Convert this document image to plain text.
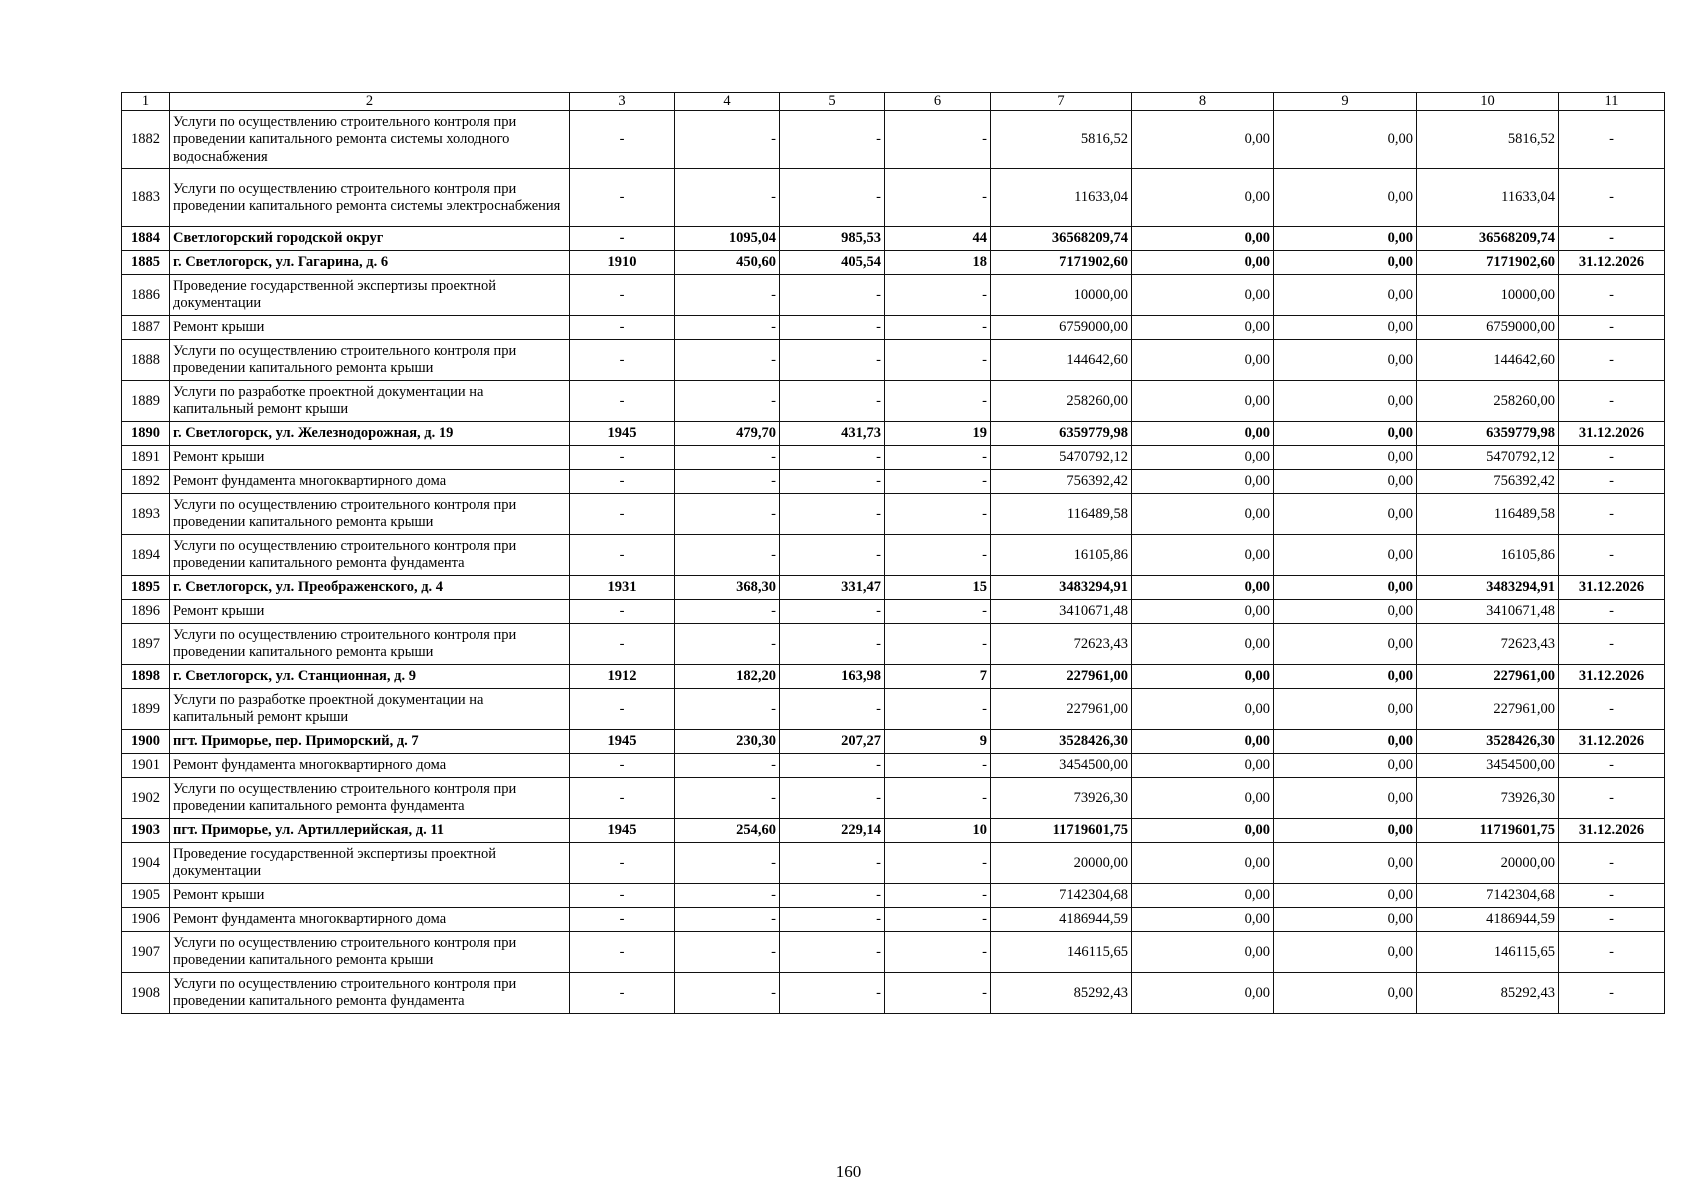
1	2	3	4	5	6	7	8	9	10	11
1882	Услуги по осуществлению строительного контроля при проведении капитального ремонта системы холодного водоснабжения	-	-	-	-	5816,52	0,00	0,00	5816,52	-
1883	Услуги по осуществлению строительного контроля при проведении капитального ремонта системы электроснабжения	-	-	-	-	11633,04	0,00	0,00	11633,04	-
1884	Светлогорский городской округ	-	1095,04	985,53	44	36568209,74	0,00	0,00	36568209,74	-
1885	г. Светлогорск, ул. Гагарина, д. 6	1910	450,60	405,54	18	7171902,60	0,00	0,00	7171902,60	31.12.2026
1886	Проведение государственной экспертизы проектной документации	-	-	-	-	10000,00	0,00	0,00	10000,00	-
1887	Ремонт крыши	-	-	-	-	6759000,00	0,00	0,00	6759000,00	-
1888	Услуги по осуществлению строительного контроля при проведении капитального ремонта крыши	-	-	-	-	144642,60	0,00	0,00	144642,60	-
1889	Услуги по разработке проектной документации на капитальный ремонт крыши	-	-	-	-	258260,00	0,00	0,00	258260,00	-
1890	г. Светлогорск, ул. Железнодорожная, д. 19	1945	479,70	431,73	19	6359779,98	0,00	0,00	6359779,98	31.12.2026
1891	Ремонт крыши	-	-	-	-	5470792,12	0,00	0,00	5470792,12	-
1892	Ремонт фундамента многоквартирного дома	-	-	-	-	756392,42	0,00	0,00	756392,42	-
1893	Услуги по осуществлению строительного контроля при проведении капитального ремонта крыши	-	-	-	-	116489,58	0,00	0,00	116489,58	-
1894	Услуги по осуществлению строительного контроля при проведении капитального ремонта фундамента	-	-	-	-	16105,86	0,00	0,00	16105,86	-
1895	г. Светлогорск, ул. Преображенского, д. 4	1931	368,30	331,47	15	3483294,91	0,00	0,00	3483294,91	31.12.2026
1896	Ремонт крыши	-	-	-	-	3410671,48	0,00	0,00	3410671,48	-
1897	Услуги по осуществлению строительного контроля при проведении капитального ремонта крыши	-	-	-	-	72623,43	0,00	0,00	72623,43	-
1898	г. Светлогорск, ул. Станционная, д. 9	1912	182,20	163,98	7	227961,00	0,00	0,00	227961,00	31.12.2026
1899	Услуги по разработке проектной документации на капитальный ремонт крыши	-	-	-	-	227961,00	0,00	0,00	227961,00	-
1900	пгт. Приморье, пер. Приморский, д. 7	1945	230,30	207,27	9	3528426,30	0,00	0,00	3528426,30	31.12.2026
1901	Ремонт фундамента многоквартирного дома	-	-	-	-	3454500,00	0,00	0,00	3454500,00	-
1902	Услуги по осуществлению строительного контроля при проведении капитального ремонта фундамента	-	-	-	-	73926,30	0,00	0,00	73926,30	-
1903	пгт. Приморье, ул. Артиллерийская, д. 11	1945	254,60	229,14	10	11719601,75	0,00	0,00	11719601,75	31.12.2026
1904	Проведение государственной экспертизы проектной документации	-	-	-	-	20000,00	0,00	0,00	20000,00	-
1905	Ремонт крыши	-	-	-	-	7142304,68	0,00	0,00	7142304,68	-
1906	Ремонт фундамента многоквартирного дома	-	-	-	-	4186944,59	0,00	0,00	4186944,59	-
1907	Услуги по осуществлению строительного контроля при проведении капитального ремонта крыши	-	-	-	-	146115,65	0,00	0,00	146115,65	-
1908	Услуги по осуществлению строительного контроля при проведении капитального ремонта фундамента	-	-	-	-	85292,43	0,00	0,00	85292,43	-
160
